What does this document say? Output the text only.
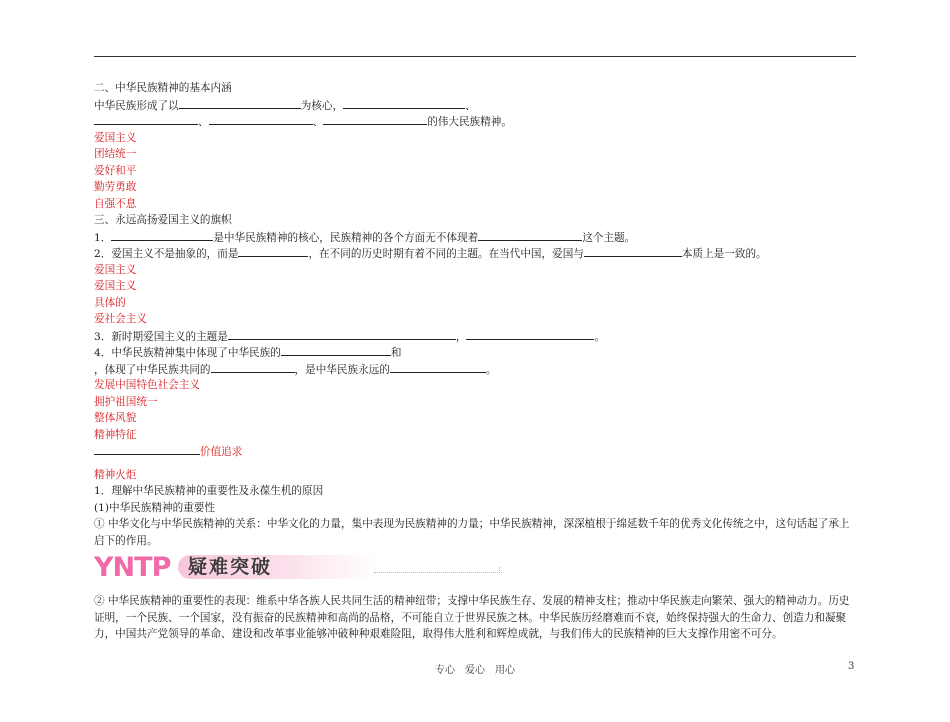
二、中华民族精神的基本内涵
中华民族形成了以	为核心，	、
、	、	的伟大民族精神。
爱国主义
团结统一
爱好和平
勤劳勇敢
自强不息
三、永远高扬爱国主义的旗帜
1．	是中华民族精神的核心，民族精神的各个方面无不体现着	这个主题。
2．爱国主义不是抽象的，而是	，在不同的历史时期有着不同的主题。在当代中国，爱国与	本质上是一致的。
爱国主义
爱国主义
具体的
爱社会主义
3．新时期爱国主义的主题是	，	。
4．中华民族精神集中体现了中华民族的	和
，体现了中华民族共同的	，是中华民族永远的	。
发展中国特色社会主义
拥护祖国统一
整体风貌
精神特征
价值追求
精神火炬
1．理解中华民族精神的重要性及永葆生机的原因
(1)中华民族精神的重要性
① 中华文化与中华民族精神的关系：中华文化的力量，集中表现为民族精神的力量；中华民族精神，深深植根于绵延数千年的优秀文化传统之中，这句话起了承上启下的作用。
YNTP 疑难突破
② 中华民族精神的重要性的表现：维系中华各族人民共同生活的精神纽带；支撑中华民族生存、发展的精神支柱；推动中华民族走向繁荣、强大的精神动力。历史证明，一个民族、一个国家，没有振奋的民族精神和高尚的品格，不可能自立于世界民族之林。中华民族历经磨难而不衰，始终保持强大的生命力、创造力和凝聚力，中国共产党领导的革命、建设和改革事业能够冲破种种艰难险阻，取得伟大胜利和辉煌成就，与我们伟大的民族精神的巨大支撑作用密不可分。
专心　爱心　用心	3
